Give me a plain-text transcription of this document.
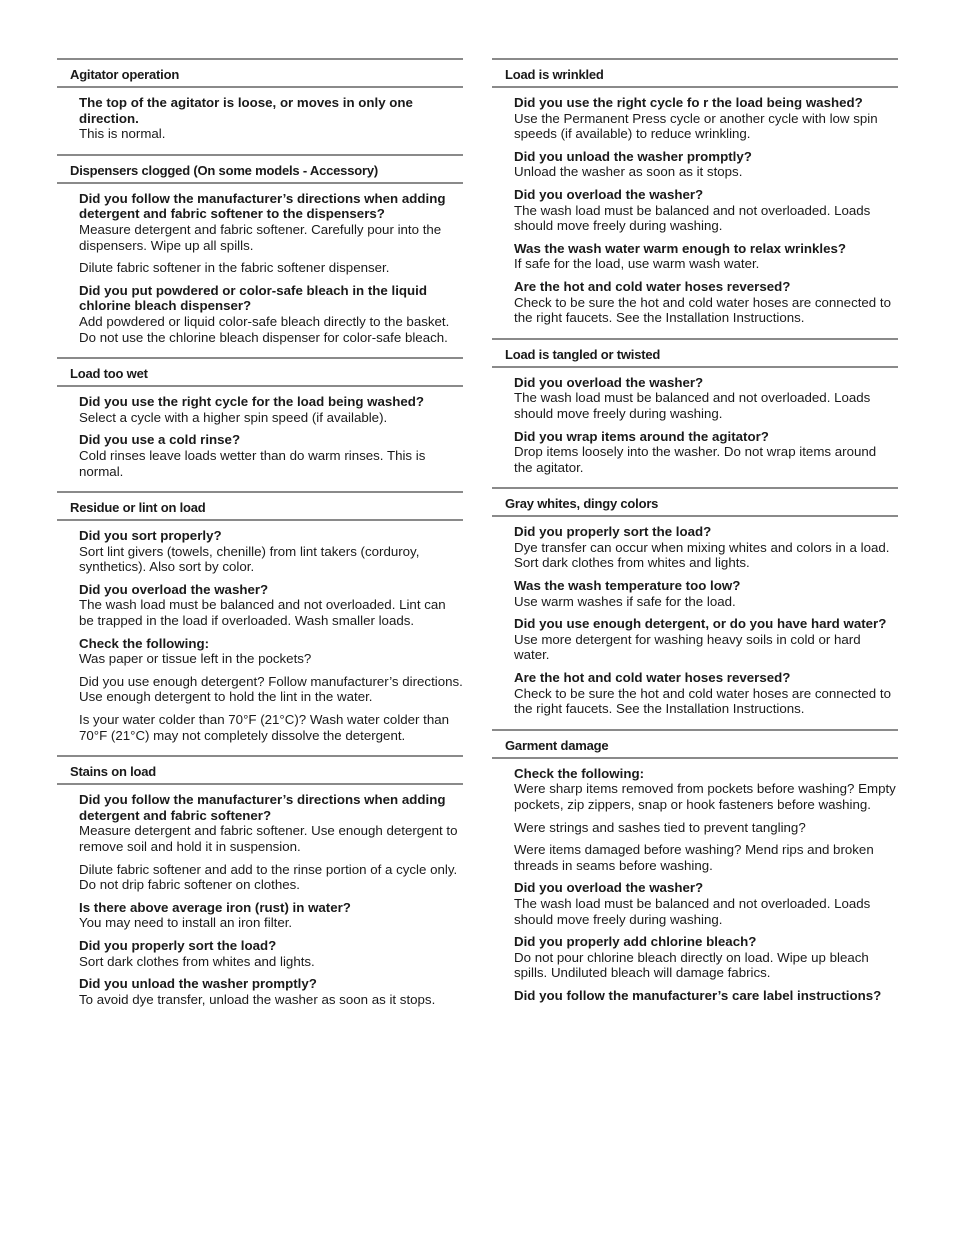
Agitator operation
The top of the agitator is loose, or moves in only one direction.
This is normal.
Dispensers clogged (On some models - Accessory)
Did you follow the manufacturer’s directions when adding detergent and fabric softener to the dispensers?
Measure detergent and fabric softener. Carefully pour into the dispensers. Wipe up all spills.
Dilute fabric softener in the fabric softener dispenser.
Did you put powdered or color-safe bleach in the liquid chlorine bleach dispenser?
Add powdered or liquid color-safe bleach directly to the basket. Do not use the chlorine bleach dispenser for color-safe bleach.
Load too wet
Did you use the right cycle for the load being washed?
Select a cycle with a higher spin speed (if available).
Did you use a cold rinse?
Cold rinses leave loads wetter than do warm rinses. This is normal.
Residue or lint on load
Did you sort properly?
Sort lint givers (towels, chenille) from lint takers (corduroy, synthetics). Also sort by color.
Did you overload the washer?
The wash load must be balanced and not overloaded. Lint can be trapped in the load if overloaded. Wash smaller loads.
Check the following:
Was paper or tissue left in the pockets?
Did you use enough detergent? Follow manufacturer’s directions. Use enough detergent to hold the lint in the water.
Is your water colder than 70°F (21°C)? Wash water colder than 70°F (21°C) may not completely dissolve the detergent.
Stains on load
Did you follow the manufacturer’s directions when adding detergent and fabric softener?
Measure detergent and fabric softener. Use enough detergent to remove soil and hold it in suspension.
Dilute fabric softener and add to the rinse portion of a cycle only. Do not drip fabric softener on clothes.
Is there above average iron (rust) in water?
You may need to install an iron filter.
Did you properly sort the load?
Sort dark clothes from whites and lights.
Did you unload the washer promptly?
To avoid dye transfer, unload the washer as soon as it stops.
Load is wrinkled
Did you use the right cycle fo r the load being washed?
Use the Permanent Press cycle or another cycle with low spin speeds (if available) to reduce wrinkling.
Did you unload the washer promptly?
Unload the washer as soon as it stops.
Did you overload the washer?
The wash load must be balanced and not overloaded. Loads should move freely during washing.
Was the wash water warm enough to relax wrinkles?
If safe for the load, use warm wash water.
Are the hot and cold water hoses reversed?
Check to be sure the hot and cold water hoses are connected to the right faucets. See the Installation Instructions.
Load is tangled or twisted
Did you overload the washer?
The wash load must be balanced and not overloaded. Loads should move freely during washing.
Did you wrap items around the agitator?
Drop items loosely into the washer. Do not wrap items around the agitator.
Gray whites, dingy colors
Did you properly sort the load?
Dye transfer can occur when mixing whites and colors in a load. Sort dark clothes from whites and lights.
Was the wash temperature too low?
Use warm washes if safe for the load.
Did you use enough detergent, or do you have hard water?
Use more detergent for washing heavy soils in cold or hard water.
Are the hot and cold water hoses reversed?
Check to be sure the hot and cold water hoses are connected to the right faucets. See the Installation Instructions.
Garment damage
Check the following:
Were sharp items removed from pockets before washing? Empty pockets, zip zippers, snap or hook fasteners before washing.
Were strings and sashes tied to prevent tangling?
Were items damaged before washing? Mend rips and broken threads in seams before washing.
Did you overload the washer?
The wash load must be balanced and not overloaded. Loads should move freely during washing.
Did you properly add chlorine bleach?
Do not pour chlorine bleach directly on load. Wipe up bleach spills. Undiluted bleach will damage fabrics.
Did you follow the manufacturer’s care label instructions?
